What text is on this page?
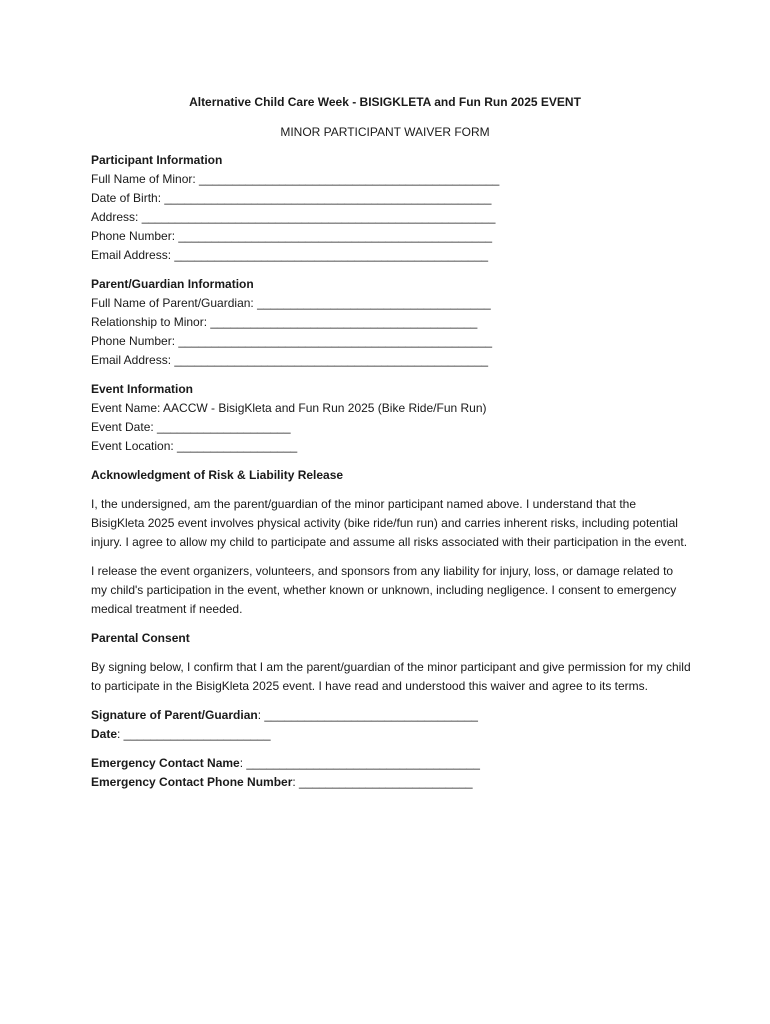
Alternative Child Care Week - BISIGKLETA and Fun Run 2025 EVENT
MINOR PARTICIPANT WAIVER FORM
Participant Information
Full Name of Minor: _____________________________________________
Date of Birth: _________________________________________________
Address: _____________________________________________________
Phone Number: _______________________________________________
Email Address: _______________________________________________
Parent/Guardian Information
Full Name of Parent/Guardian: ___________________________________
Relationship to Minor: ________________________________________
Phone Number: _______________________________________________
Email Address: _______________________________________________
Event Information
Event Name: AACCW - BisigKleta and Fun Run 2025 (Bike Ride/Fun Run)
Event Date: ____________________
Event Location: __________________
Acknowledgment of Risk & Liability Release
I, the undersigned, am the parent/guardian of the minor participant named above. I understand that the BisigKleta 2025 event involves physical activity (bike ride/fun run) and carries inherent risks, including potential injury. I agree to allow my child to participate and assume all risks associated with their participation in the event.
I release the event organizers, volunteers, and sponsors from any liability for injury, loss, or damage related to my child's participation in the event, whether known or unknown, including negligence. I consent to emergency medical treatment if needed.
Parental Consent
By signing below, I confirm that I am the parent/guardian of the minor participant and give permission for my child to participate in the BisigKleta 2025 event. I have read and understood this waiver and agree to its terms.
Signature of Parent/Guardian: ________________________________
Date: ______________________
Emergency Contact Name: ___________________________________
Emergency Contact Phone Number: __________________________
